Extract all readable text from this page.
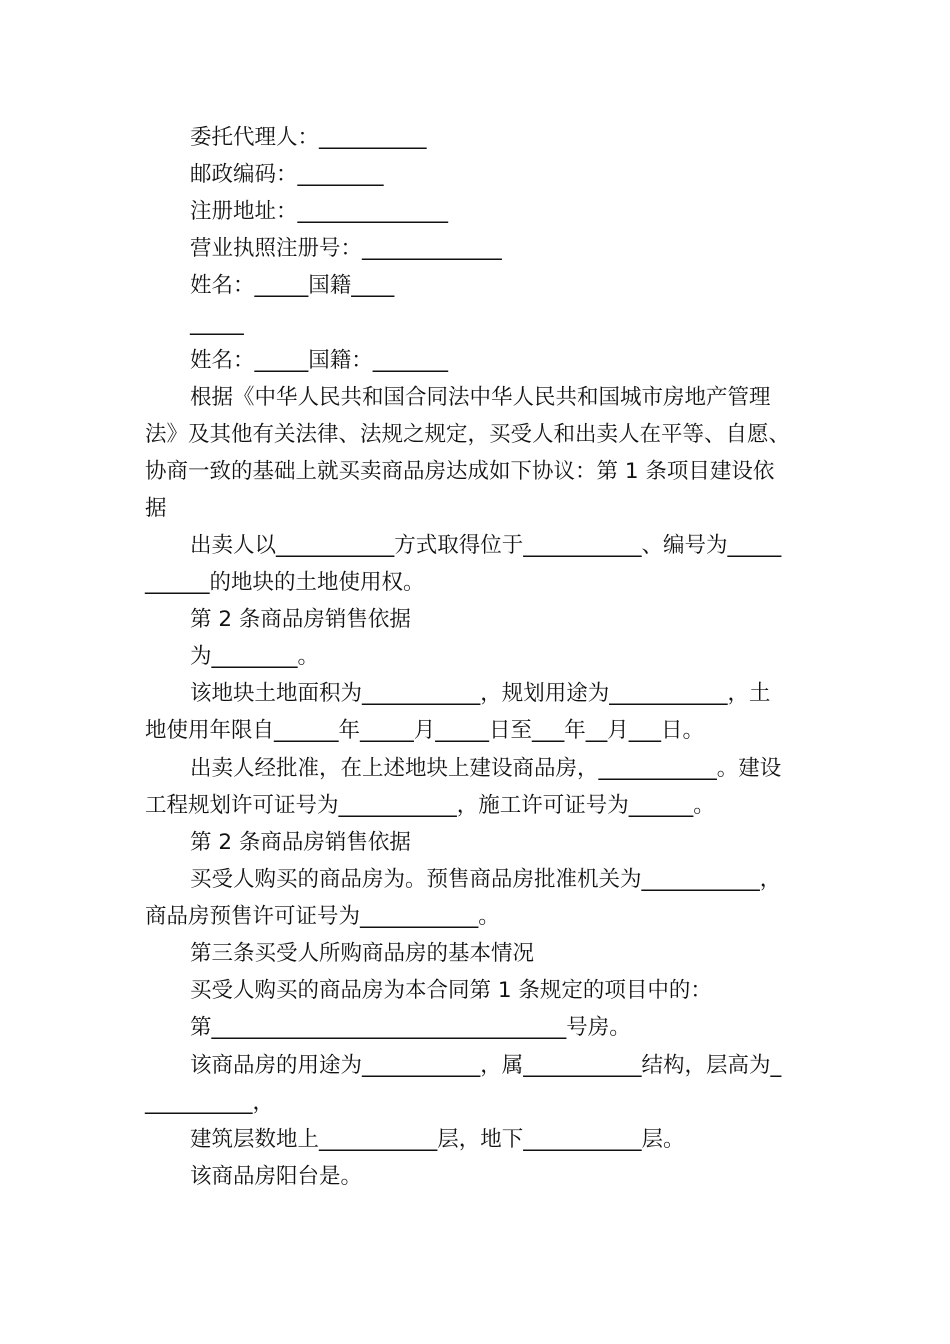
委托代理人：__________
邮政编码：________
注册地址：______________
营业执照注册号：_____________
姓名：_____国籍____
_____
姓名：_____国籍：_______
根据《中华人民共和国合同法中华人民共和国城市房地产管理
法》及其他有关法律、法规之规定，买受人和出卖人在平等、自愿、
协商一致的基础上就买卖商品房达成如下协议：第 1 条项目建设依
据
出卖人以___________方式取得位于___________、编号为_____
______的地块的土地使用权。
第 2 条商品房销售依据
为________。
该地块土地面积为___________，规划用途为___________，土
地使用年限自______年_____月_____日至___年__月___日。
出卖人经批准，在上述地块上建设商品房，___________。建设
工程规划许可证号为___________，施工许可证号为______。
第 2 条商品房销售依据
买受人购买的商品房为。预售商品房批准机关为___________，
商品房预售许可证号为___________。
第三条买受人所购商品房的基本情况
买受人购买的商品房为本合同第 1 条规定的项目中的：
第_________________________________号房。
该商品房的用途为___________，属___________结构，层高为_
__________，
建筑层数地上___________层，地下___________层。
该商品房阳台是。
